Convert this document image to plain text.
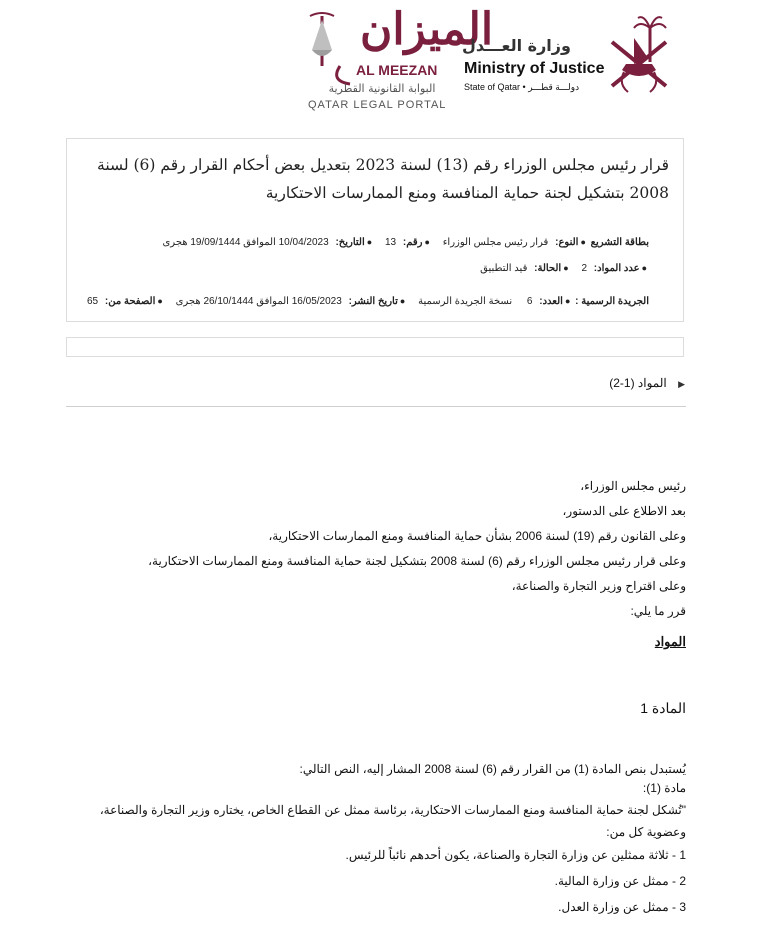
الميزان
AL MEEZAN
البوابة القانونية القطرية
QATAR LEGAL PORTAL
وزارة العـــدل
Ministry of Justice
State of Qatar • دولـــة قطـــر
قرار رئيس مجلس الوزراء رقم (13) لسنة 2023 بتعديل بعض أحكام القرار رقم (6) لسنة 2008 بتشكيل لجنة حماية المنافسة ومنع الممارسات الاحتكارية
بطاقة التشريع ●النوع: قرار رئيس مجلس الوزراء ●رقم: 13 ●التاريخ: 10/04/2023 الموافق 19/09/1444 هجرى
●عدد المواد: 2 ●الحالة: قيد التطبيق
الجريدة الرسمية : ●العدد: 6 نسخة الجريدة الرسمية ●تاريخ النشر: 16/05/2023 الموافق 26/10/1444 هجرى ●الصفحة من: 65
▶ المواد (1-2)
رئيس مجلس الوزراء،
بعد الاطلاع على الدستور،
وعلى القانون رقم (19) لسنة 2006 بشأن حماية المنافسة ومنع الممارسات الاحتكارية،
وعلى قرار رئيس مجلس الوزراء رقم (6) لسنة 2008 بتشكيل لجنة حماية المنافسة ومنع الممارسات الاحتكارية،
وعلى اقتراح وزير التجارة والصناعة،
قرر ما يلي:
المواد
المادة 1
يُستبدل بنص المادة (1) من القرار رقم (6) لسنة 2008 المشار إليه، النص التالي:
مادة (1):
"تُشكل لجنة حماية المنافسة ومنع الممارسات الاحتكارية، برئاسة ممثل عن القطاع الخاص، يختاره وزير التجارة والصناعة،
وعضوية كل من:
1 - ثلاثة ممثلين عن وزارة التجارة والصناعة، يكون أحدهم نائباً للرئيس.
2 - ممثل عن وزارة المالية.
3 - ممثل عن وزارة العدل.
